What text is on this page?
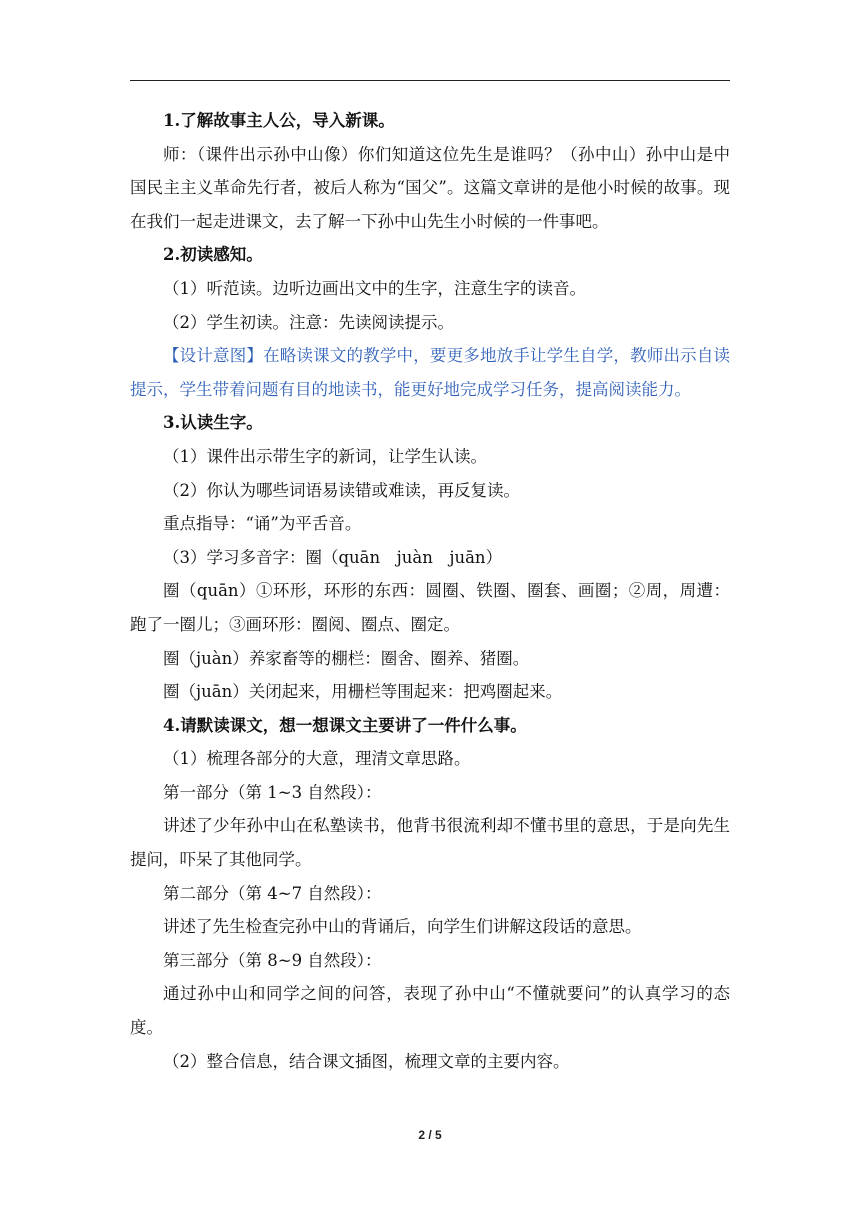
1.了解故事主人公，导入新课。

师：（课件出示孙中山像）你们知道这位先生是谁吗？（孙中山）孙中山是中国民主主义革命先行者，被后人称为“国父”。这篇文章讲的是他小时候的故事。现在我们一起走进课文，去了解一下孙中山先生小时候的一件事吧。

2.初读感知。

（1）听范读。边听边画出文中的生字，注意生字的读音。

（2）学生初读。注意：先读阅读提示。

【设计意图】在略读课文的教学中，要更多地放手让学生自学，教师出示自读提示，学生带着问题有目的地读书，能更好地完成学习任务，提高阅读能力。

3.认读生字。

（1）课件出示带生字的新词，让学生认读。

（2）你认为哪些词语易读错或难读，再反复读。

重点指导：“诵”为平舌音。

（3）学习多音字：圈（quān　juàn　juān）

圈（quān）①环形，环形的东西：圆圈、铁圈、圈套、画圈；②周，周遭：跑了一圈儿；③画环形：圈阅、圈点、圈定。

圈（juàn）养家畜等的棚栏：圈舍、圈养、猪圈。

圈（juān）关闭起来，用栅栏等围起来：把鸡圈起来。

4.请默读课文，想一想课文主要讲了一件什么事。

（1）梳理各部分的大意，理清文章思路。

第一部分（第 1~3 自然段）：

讲述了少年孙中山在私塾读书，他背书很流利却不懂书里的意思，于是向先生提问，吓呆了其他同学。

第二部分（第 4~7 自然段）：

讲述了先生检查完孙中山的背诵后，向学生们讲解这段话的意思。

第三部分（第 8~9 自然段）：

通过孙中山和同学之间的问答，表现了孙中山“不懂就要问”的认真学习的态度。

（2）整合信息，结合课文插图，梳理文章的主要内容。

2 / 5
